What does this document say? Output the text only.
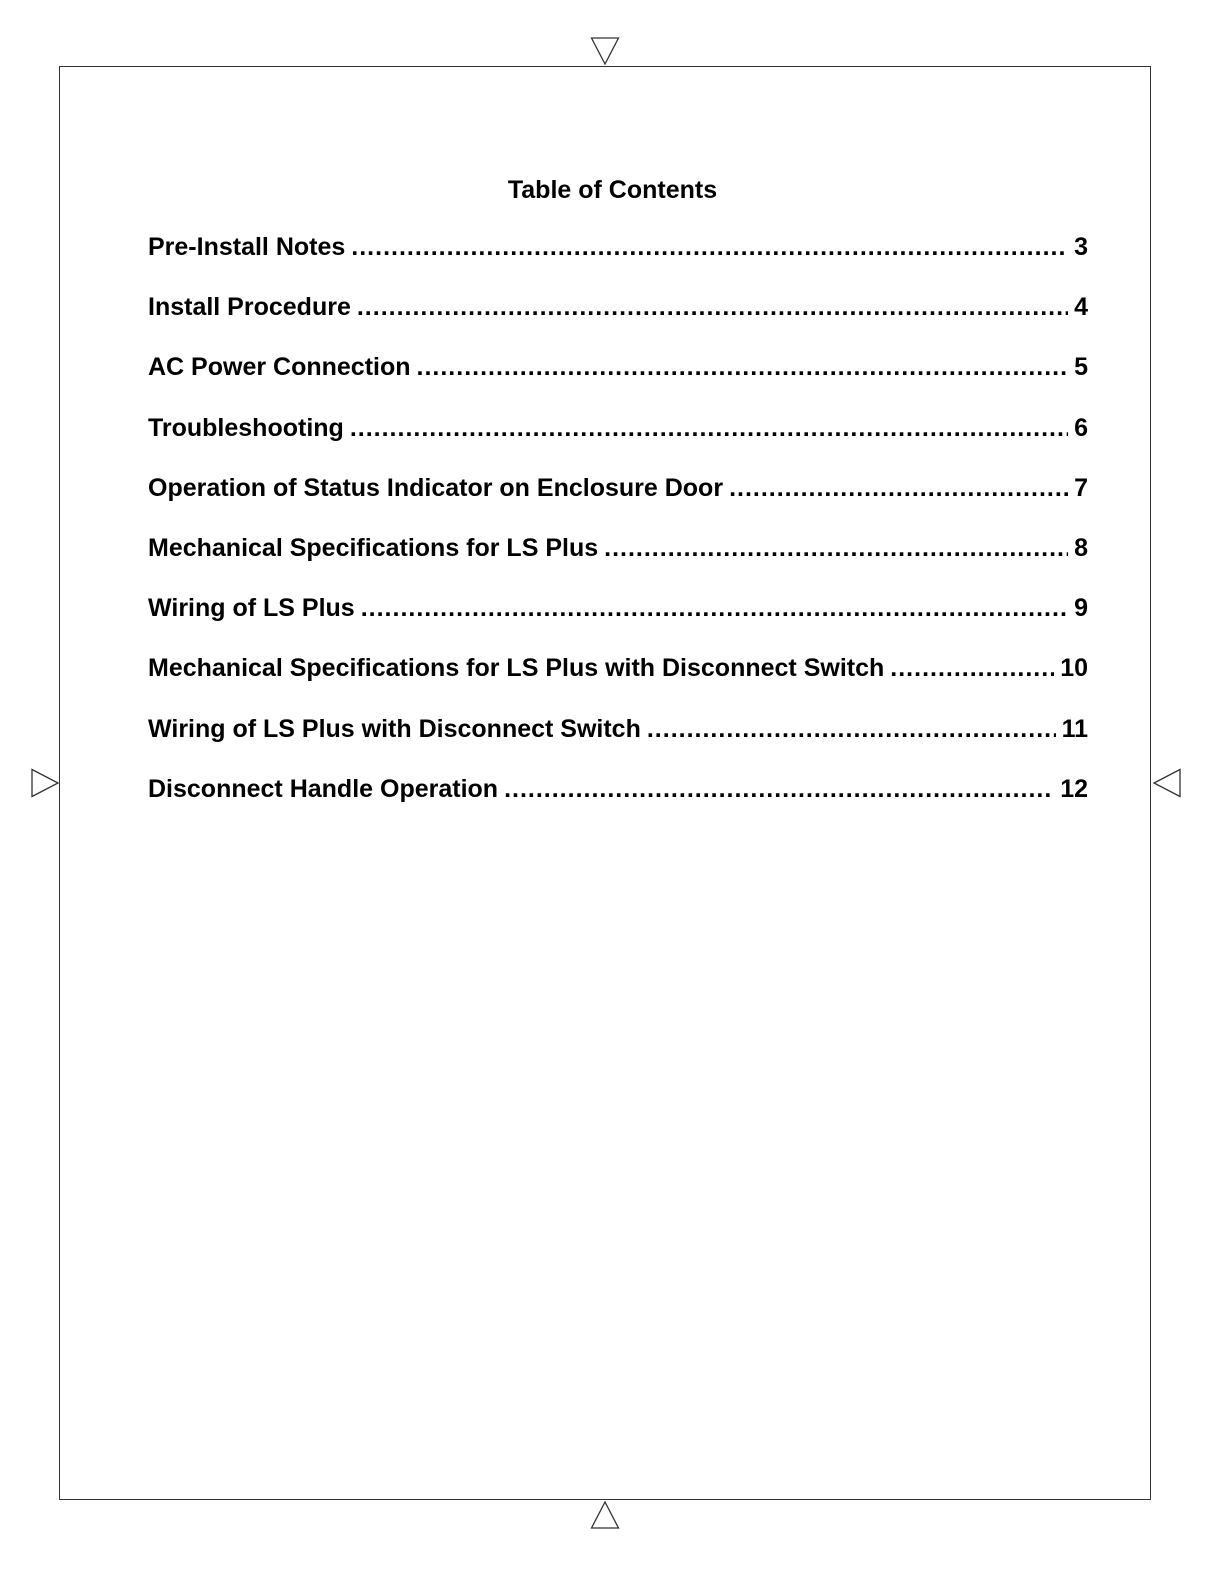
Table of Contents
Pre-Install Notes .....	3
Install Procedure .....	4
AC Power Connection .....	5
Troubleshooting .....	6
Operation of Status Indicator on Enclosure Door .....	7
Mechanical Specifications for LS Plus .....	8
Wiring of LS Plus .....	9
Mechanical Specifications for LS Plus with Disconnect Switch .....	10
Wiring of LS Plus with Disconnect Switch .....	11
Disconnect Handle Operation .....	12
